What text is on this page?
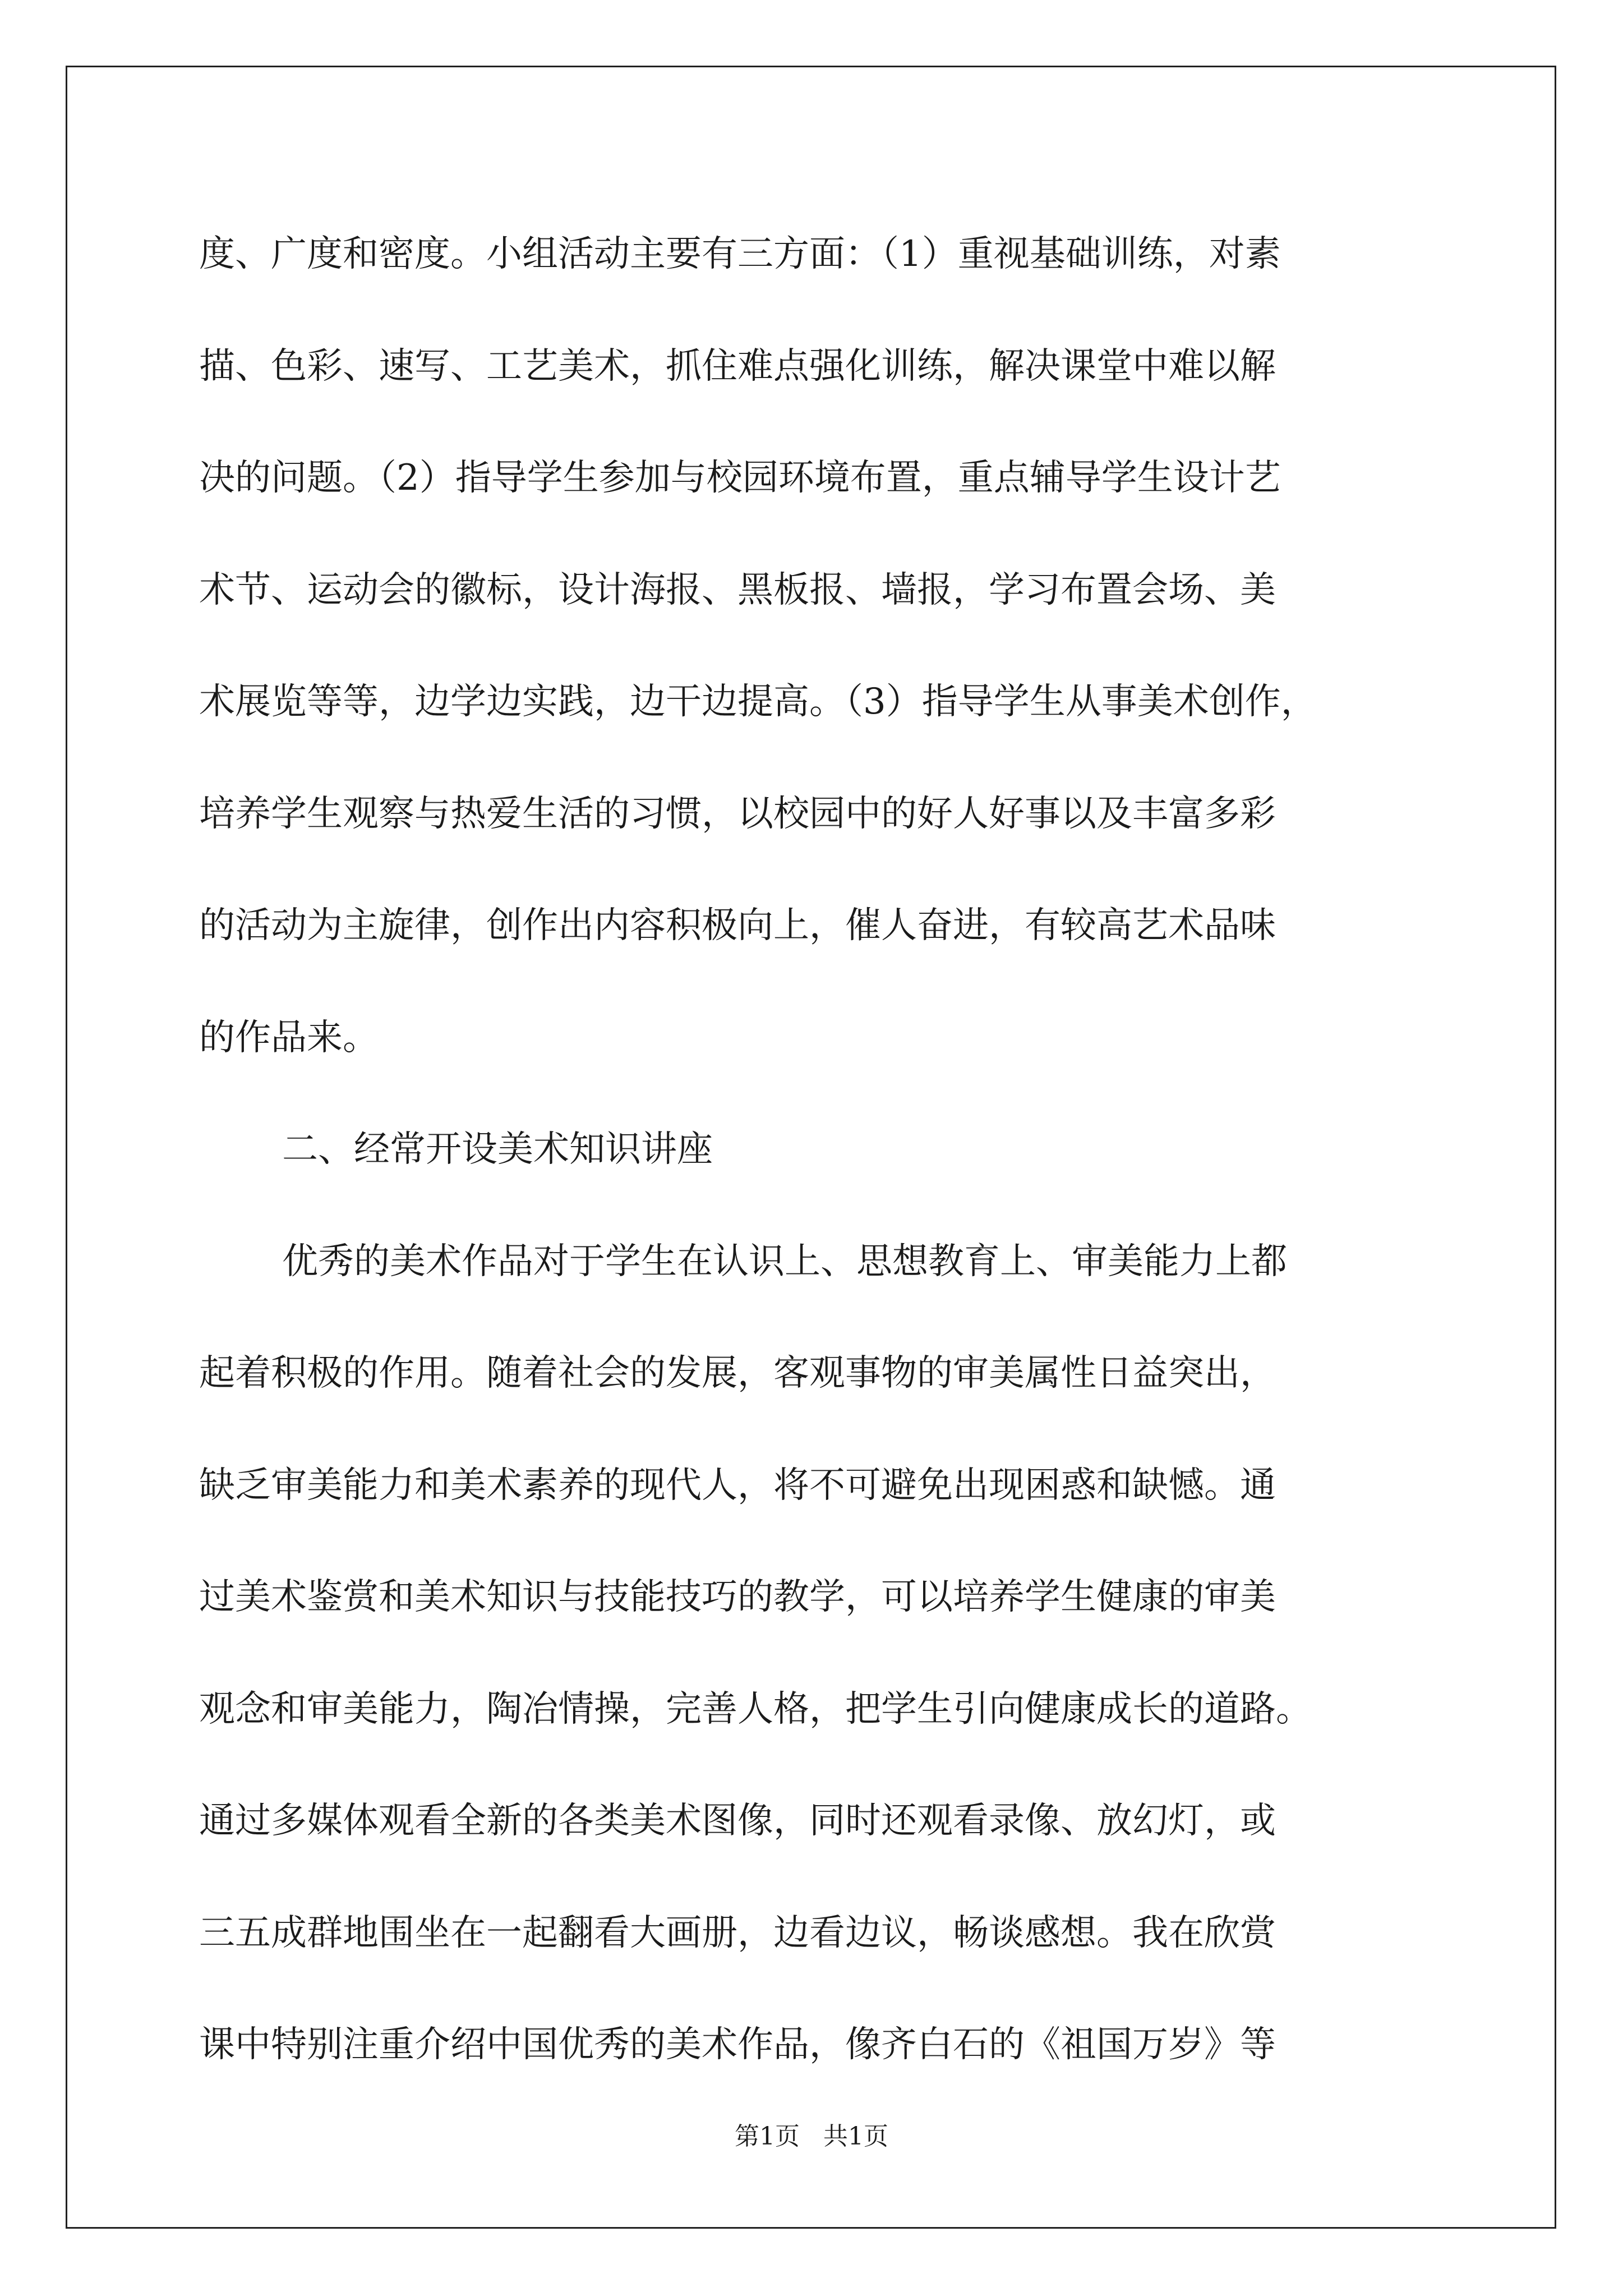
度、广度和密度。小组活动主要有三方面：（1）重视基础训练，对素
描、色彩、速写、工艺美术，抓住难点强化训练，解决课堂中难以解
决的问题。（2）指导学生参加与校园环境布置，重点辅导学生设计艺
术节、运动会的徽标，设计海报、黑板报、墙报，学习布置会场、美
术展览等等，边学边实践，边干边提高。（3）指导学生从事美术创作，
培养学生观察与热爱生活的习惯，以校园中的好人好事以及丰富多彩
的活动为主旋律，创作出内容积极向上，催人奋进，有较高艺术品味
的作品来。
二、经常开设美术知识讲座
优秀的美术作品对于学生在认识上、思想教育上、审美能力上都
起着积极的作用。随着社会的发展，客观事物的审美属性日益突出，
缺乏审美能力和美术素养的现代人，将不可避免出现困惑和缺憾。通
过美术鉴赏和美术知识与技能技巧的教学，可以培养学生健康的审美
观念和审美能力，陶冶情操，完善人格，把学生引向健康成长的道路。
通过多媒体观看全新的各类美术图像，同时还观看录像、放幻灯，或
三五成群地围坐在一起翻看大画册，边看边议，畅谈感想。我在欣赏
课中特别注重介绍中国优秀的美术作品，像齐白石的《祖国万岁》等
第1页   共1页
